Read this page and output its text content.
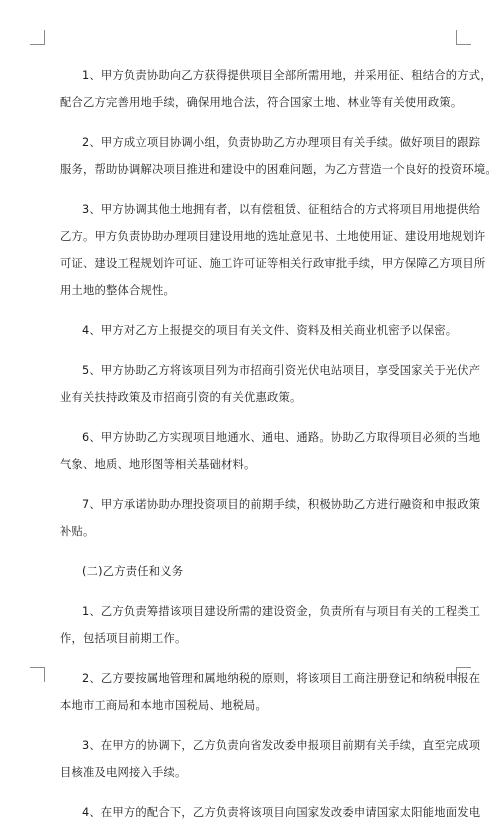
1、甲方负责协助向乙方获得提供项目全部所需用地，并采用征、租结合的方式，
配合乙方完善用地手续，确保用地合法，符合国家土地、林业等有关使用政策。
2、甲方成立项目协调小组，负责协助乙方办理项目有关手续。做好项目的跟踪
服务，帮助协调解决项目推进和建设中的困难问题，为乙方营造一个良好的投资环境。
3、甲方协调其他土地拥有者，以有偿租赁、征租结合的方式将项目用地提供给
乙方。甲方负责协助办理项目建设用地的选址意见书、土地使用证、建设用地规划许
可证、建设工程规划许可证、施工许可证等相关行政审批手续，甲方保障乙方项目所
用土地的整体合规性。
4、甲方对乙方上报提交的项目有关文件、资料及相关商业机密予以保密。
5、甲方协助乙方将该项目列为市招商引资光伏电站项目，享受国家关于光伏产
业有关扶持政策及市招商引资的有关优惠政策。
6、甲方协助乙方实现项目地通水、通电、通路。协助乙方取得项目必须的当地
气象、地质、地形图等相关基础材料。
7、甲方承诺协助办理投资项目的前期手续，积极协助乙方进行融资和申报政策
补贴。
(二)乙方责任和义务
1、乙方负责筹措该项目建设所需的建设资金，负责所有与项目有关的工程类工
作，包括项目前期工作。
2、乙方要按属地管理和属地纳税的原则，将该项目工商注册登记和纳税申报在
本地市工商局和本地市国税局、地税局。
3、在甲方的协调下，乙方负责向省发改委申报项目前期有关手续，直至完成项
目核准及电网接入手续。
4、在甲方的配合下，乙方负责将该项目向国家发改委申请国家太阳能地面发电
